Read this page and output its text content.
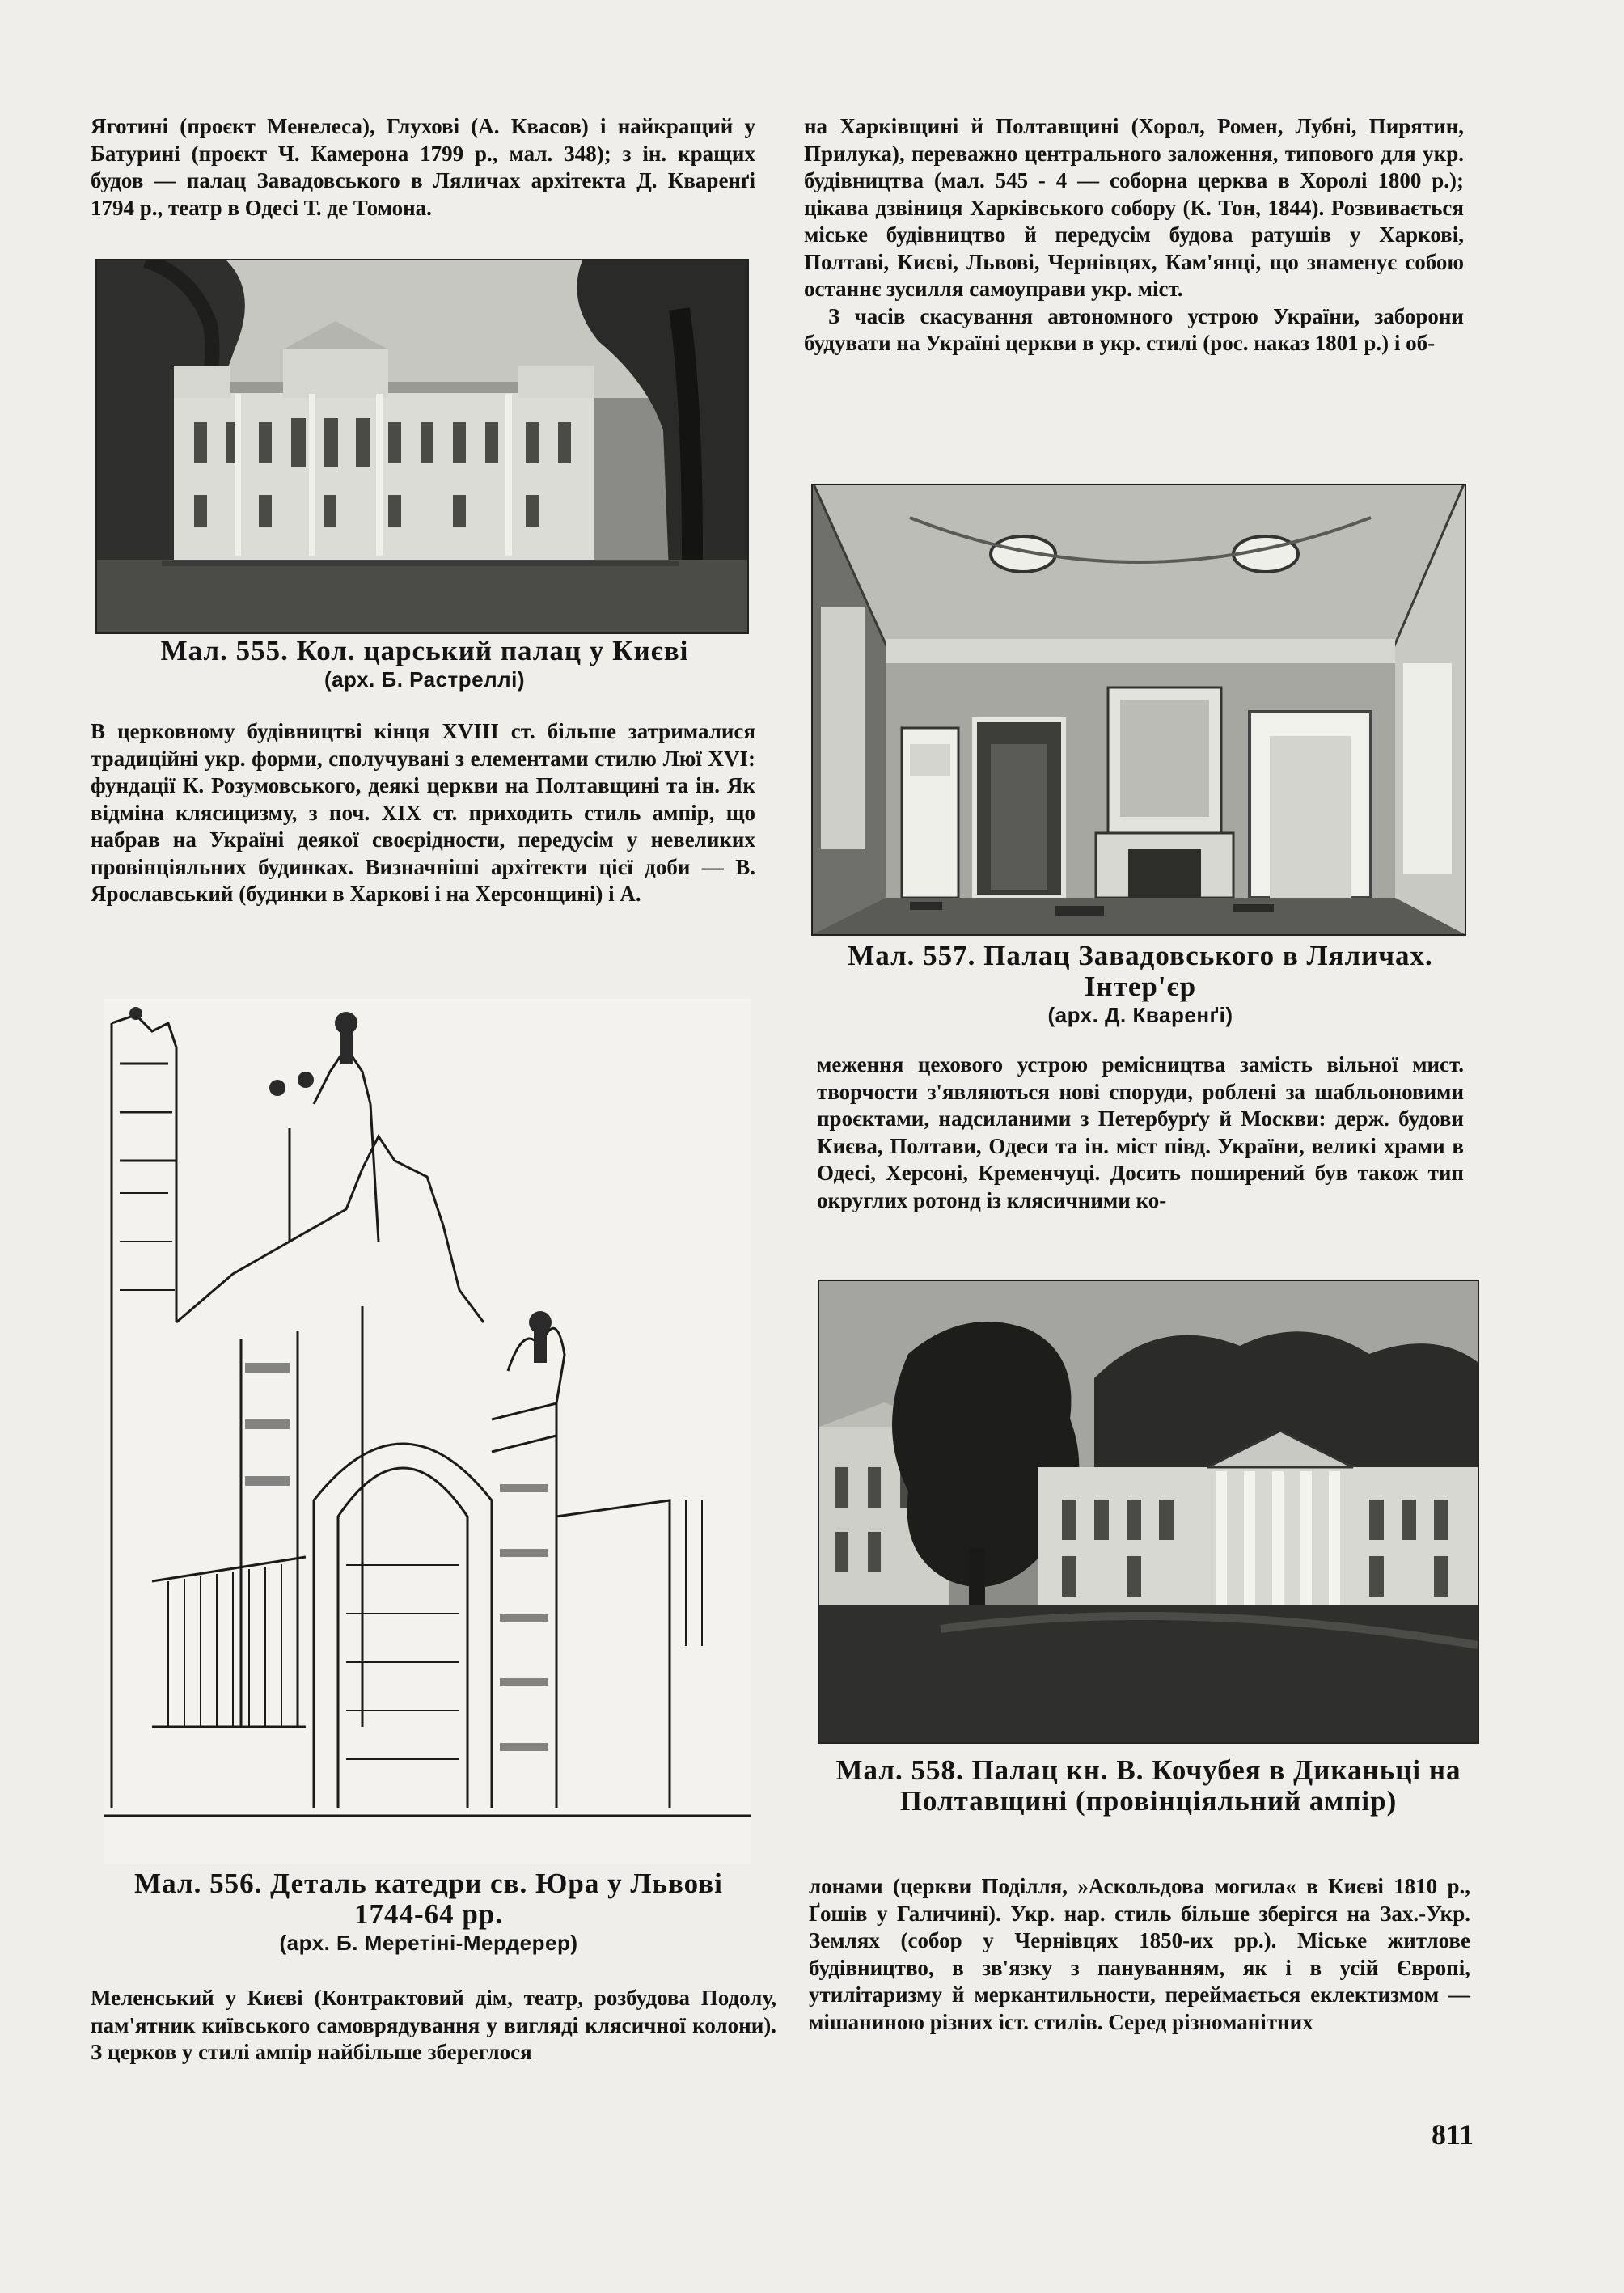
Яготині (проєкт Менелеса), Глухові (А. Квасов) і найкращий у Батурині (проєкт Ч. Камерона 1799 р., мал. 348); з ін. кращих будов — палац Завадовського в Ляличах архітекта Д. Кваренґі 1794 р., театр в Одесі Т. де Томона.

Мал. 555. Кол. царський палац у Києві
(арх. Б. Растреллі)

В церковному будівництві кінця XVIII ст. більше затрималися традиційні укр. форми, сполучувані з елементами стилю Люї XVI: фундації К. Розумовського, деякі церкви на Полтавщині та ін. Як відміна клясицизму, з поч. XIX ст. приходить стиль ампір, що набрав на Україні деякої своєрідности, передусім у невеликих провінціяльних будинках. Визначніші архітекти цієї доби — В. Ярославський (будинки в Харкові і на Херсонщині) і А.

Мал. 556. Деталь катедри св. Юра у Львові 1744-64 рр.
(арх. Б. Меретіні-Мердерер)

Меленський у Києві (Контрактовий дім, театр, розбудова Подолу, пам'ятник київського самоврядування у вигляді клясичної колони). З церков у стилі ампір найбільше збереглося

на Харківщині й Полтавщині (Хорол, Ромен, Лубні, Пирятин, Прилука), переважно центрального заложення, типового для укр. будівництва (мал. 545 - 4 — соборна церква в Хоролі 1800 р.); цікава дзвіниця Харківського собору (К. Тон, 1844). Розвивається міське будівництво й передусім будова ратушів у Харкові, Полтаві, Києві, Львові, Чернівцях, Кам'янці, що знаменує собою останнє зусилля самоуправи укр. міст.

З часів скасування автономного устрою України, заборони будувати на Україні церкви в укр. стилі (рос. наказ 1801 р.) і об-

Мал. 557. Палац Завадовського в Ляличах. Інтер'єр
(арх. Д. Кваренґі)

меження цехового устрою ремісництва замість вільної мист. творчости з'являються нові споруди, роблені за шабльоновими проєктами, надсиланими з Петербурґу й Москви: держ. будови Києва, Полтави, Одеси та ін. міст півд. України, великі храми в Одесі, Херсоні, Кременчуці. Досить поширений був також тип округлих ротонд із клясичними ко-

Мал. 558. Палац кн. В. Кочубея в Диканьці на Полтавщині (провінціяльний ампір)

лонами (церкви Поділля, »Аскольдова могила« в Києві 1810 р., Ґошів у Галичині). Укр. нар. стиль більше зберігся на Зах.-Укр. Землях (собор у Чернівцях 1850-их рр.). Міське житлове будівництво, в зв'язку з пануванням, як і в усій Європі, утилітаризму й меркантильности, переймається еклектизмом — мішаниною різних іст. стилів. Серед різноманітних

811
